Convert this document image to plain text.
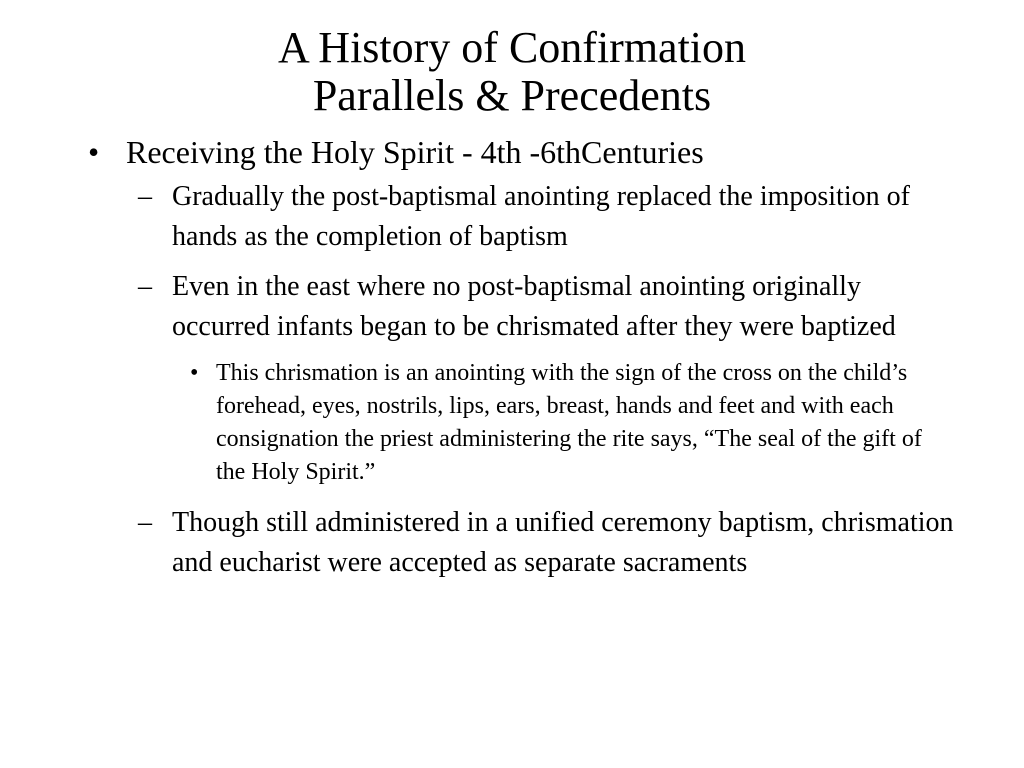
A History of Confirmation
Parallels & Precedents
• Receiving the Holy Spirit - 4th -6thCenturies
– Gradually the post-baptismal anointing replaced the imposition of hands as the completion of baptism
– Even in the east where no post-baptismal anointing originally occurred infants began to be chrismated after they were baptized
• This chrismation is an anointing with the sign of the cross on the child’s forehead, eyes, nostrils, lips, ears, breast, hands and feet and with each consignation the priest administering the rite says, “The seal of the gift of the Holy Spirit.”
– Though still administered in a unified ceremony baptism, chrismation and eucharist were accepted as separate sacraments
